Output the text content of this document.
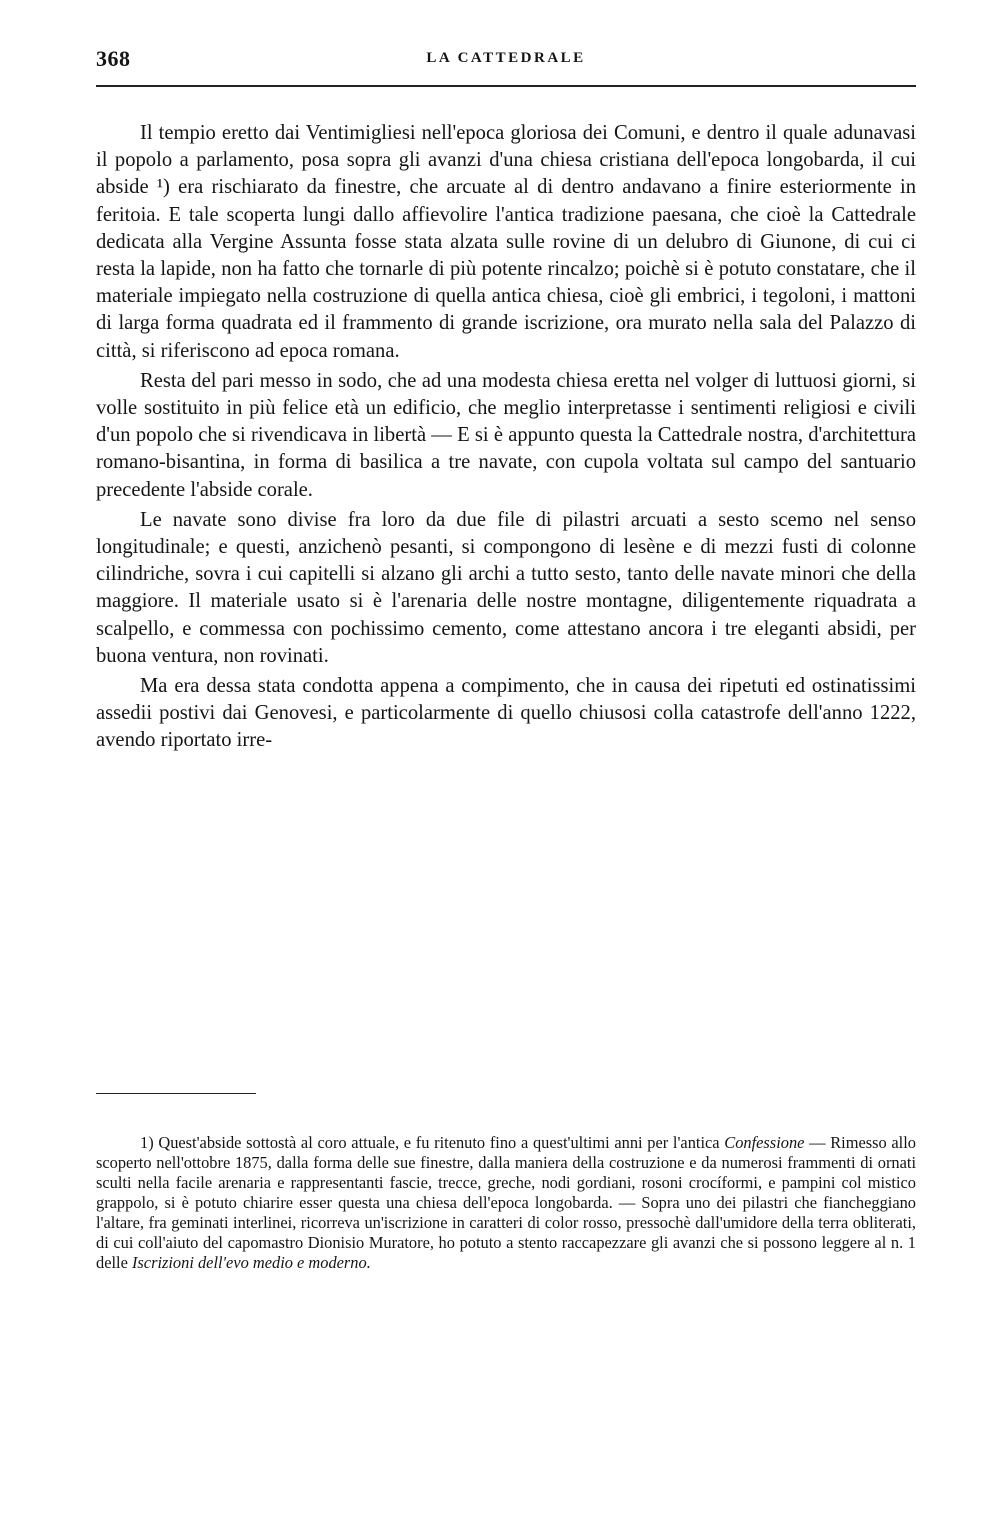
368	LA CATTEDRALE

Il tempio eretto dai Ventimigliesi nell'epoca gloriosa dei Comuni, e dentro il quale adunavasi il popolo a parlamento, posa sopra gli avanzi d'una chiesa cristiana dell'epoca longobarda, il cui abside ¹) era rischiarato da finestre, che arcuate al di dentro andavano a finire esteriormente in feritoia. E tale scoperta lungi dallo affievolire l'antica tradizione paesana, che cioè la Cattedrale dedicata alla Vergine Assunta fosse stata alzata sulle rovine di un delubro di Giunone, di cui ci resta la lapide, non ha fatto che tornarle di più potente rincalzo; poichè si è potuto constatare, che il materiale impiegato nella costruzione di quella antica chiesa, cioè gli embrici, i tegoloni, i mattoni di larga forma quadrata ed il frammento di grande iscrizione, ora murato nella sala del Palazzo di città, si riferiscono ad epoca romana.

Resta del pari messo in sodo, che ad una modesta chiesa eretta nel volger di luttuosi giorni, si volle sostituito in più felice età un edificio, che meglio interpretasse i sentimenti religiosi e civili d'un popolo che si rivendicava in libertà — E si è appunto questa la Cattedrale nostra, d'architettura romano-bisantina, in forma di basilica a tre navate, con cupola voltata sul campo del santuario precedente l'abside corale.

Le navate sono divise fra loro da due file di pilastri arcuati a sesto scemo nel senso longitudinale; e questi, anzichenò pesanti, si compongono di lesène e di mezzi fusti di colonne cilindriche, sovra i cui capitelli si alzano gli archi a tutto sesto, tanto delle navate minori che della maggiore. Il materiale usato si è l'arenaria delle nostre montagne, diligentemente riquadrata a scalpello, e commessa con pochissimo cemento, come attestano ancora i tre eleganti absidi, per buona ventura, non rovinati.

Ma era dessa stata condotta appena a compimento, che in causa dei ripetuti ed ostinatissimi assedii postivi dai Genovesi, e particolarmente di quello chiusosi colla catastrofe dell'anno 1222, avendo riportato irre-

1) Quest'abside sottostà al coro attuale, e fu ritenuto fino a quest'ultimi anni per l'antica Confessione — Rimesso allo scoperto nell'ottobre 1875, dalla forma delle sue finestre, dalla maniera della costruzione e da numerosi frammenti di ornati sculti nella facile arenaria e rappresentanti fascie, trecce, greche, nodi gordiani, rosoni crocíformi, e pampini col mistico grappolo, si è potuto chiarire esser questa una chiesa dell'epoca longobarda. — Sopra uno dei pilastri che fiancheggiano l'altare, fra geminati interlinei, ricorreva un'iscrizione in caratteri di color rosso, pressochè dall'umidore della terra obliterati, di cui coll'aiuto del capomastro Dionisio Muratore, ho potuto a stento raccapezzare gli avanzi che si possono leggere al n. 1 delle Iscrizioni dell'evo medio e moderno.
